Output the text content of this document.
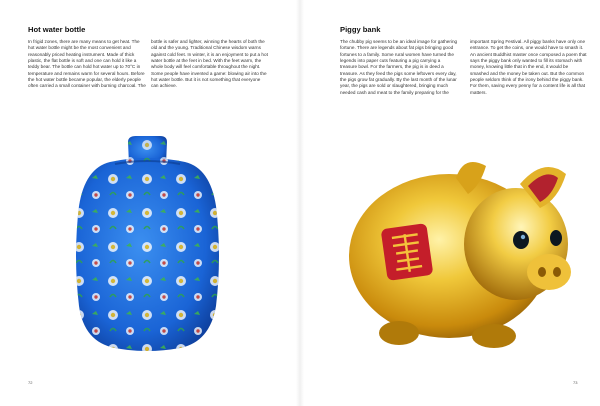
Hot water bottle
In frigid zones, there are many means to get heat. The hot water bottle might be the most convenient and reasonably priced heating instrument. Made of thick plastic, the flat bottle is soft and one can hold it like a teddy bear. The bottle can hold hot water up to 70°C in temperature and remains warm for several hours. Before the hot water bottle became popular, the elderly people often carried a small container with burning charcoal. The
bottle is safer and lighter, winning the hearts of both the old and the young. Traditional Chinese wisdom warns against cold feet. In winter, it is an enjoyment to put a hot water bottle at the feet in bed. With the feet warm, the whole body will feel comfortable throughout the night. Some people have invented a game: blowing air into the hot water bottle. But it is not something that everyone can achieve.
72
Piggy bank
The chubby pig seems to be an ideal image for gathering fortune. There are legends about fat pigs bringing good fortunes to a family. Some rural women have turned the legends into paper cuts featuring a pig carrying a treasure bowl. For the farmers, the pig is in deed a treasure. As they feed the pigs some leftovers every day, the pigs grow fat gradually. By the last month of the lunar year, the pigs are sold or slaughtered, bringing much needed cash and meat to the family preparing for the
important Spring Festival. All piggy banks have only one entrance. To get the coins, one would have to smash it. An ancient Buddhist master once composed a poem that says the piggy bank only wanted to fill its stomach with money, knowing little that in the end, it would be smashed and the money be taken out. But the common people seldom think of the irony behind the piggy bank. For them, saving every penny for a content life is all that matters.
73
